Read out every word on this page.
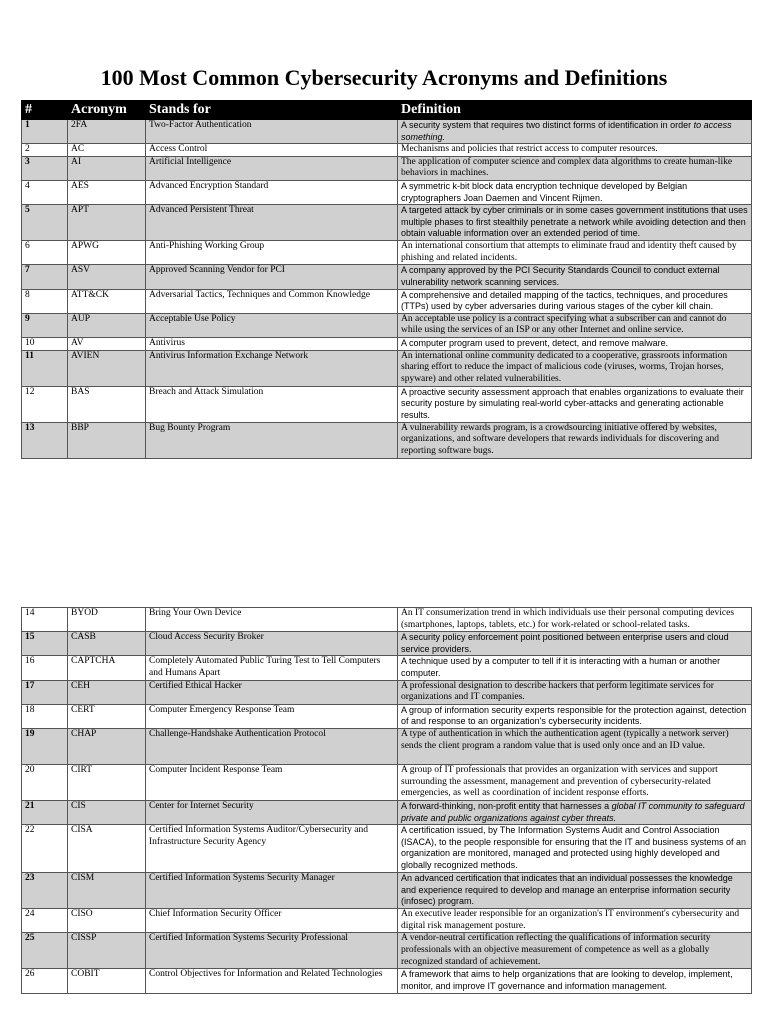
100 Most Common Cybersecurity Acronyms and Definitions
#	Acronym	Stands for	Definition
1	2FA	Two-Factor Authentication	A security system that requires two distinct forms of identification in order to access something.
2	AC	Access Control	Mechanisms and policies that restrict access to computer resources.
3	AI	Artificial Intelligence	The application of computer science and complex data algorithms to create human-like behaviors in machines.
4	AES	Advanced Encryption Standard	A symmetric k-bit block data encryption technique developed by Belgian cryptographers Joan Daemen and Vincent Rijmen.
5	APT	Advanced Persistent Threat	A targeted attack by cyber criminals or in some cases government institutions that uses multiple phases to first stealthily penetrate a network while avoiding detection and then obtain valuable information over an extended period of time.
6	APWG	Anti-Phishing Working Group	An international consortium that attempts to eliminate fraud and identity theft caused by phishing and related incidents.
7	ASV	Approved Scanning Vendor for PCI	A company approved by the PCI Security Standards Council to conduct external vulnerability network scanning services.
8	ATT&CK	Adversarial Tactics, Techniques and Common Knowledge	A comprehensive and detailed mapping of the tactics, techniques, and procedures (TTPs) used by cyber adversaries during various stages of the cyber kill chain.
9	AUP	Acceptable Use Policy	An acceptable use policy is a contract specifying what a subscriber can and cannot do while using the services of an ISP or any other Internet and online service.
10	AV	Antivirus	A computer program used to prevent, detect, and remove malware.
11	AVIEN	Antivirus Information Exchange Network	An international online community dedicated to a cooperative, grassroots information sharing effort to reduce the impact of malicious code (viruses, worms, Trojan horses, spyware) and other related vulnerabilities.
12	BAS	Breach and Attack Simulation	A proactive security assessment approach that enables organizations to evaluate their security posture by simulating real-world cyber-attacks and generating actionable results.
13	BBP	Bug Bounty Program	A vulnerability rewards program, is a crowdsourcing initiative offered by websites, organizations, and software developers that rewards individuals for discovering and reporting software bugs.
14	BYOD	Bring Your Own Device	An IT consumerization trend in which individuals use their personal computing devices (smartphones, laptops, tablets, etc.) for work-related or school-related tasks.
15	CASB	Cloud Access Security Broker	A security policy enforcement point positioned between enterprise users and cloud service providers.
16	CAPTCHA	Completely Automated Public Turing Test to Tell Computers and Humans Apart	A technique used by a computer to tell if it is interacting with a human or another computer.
17	CEH	Certified Ethical Hacker	A professional designation to describe hackers that perform legitimate services for organizations and IT companies.
18	CERT	Computer Emergency Response Team	A group of information security experts responsible for the protection against, detection of and response to an organization's cybersecurity incidents.
19	CHAP	Challenge-Handshake Authentication Protocol	A type of authentication in which the authentication agent (typically a network server) sends the client program a random value that is used only once and an ID value.
20	CIRT	Computer Incident Response Team	A group of IT professionals that provides an organization with services and support surrounding the assessment, management and prevention of cybersecurity-related emergencies, as well as coordination of incident response efforts.
21	CIS	Center for Internet Security	A forward-thinking, non-profit entity that harnesses a global IT community to safeguard private and public organizations against cyber threats.
22	CISA	Certified Information Systems Auditor/Cybersecurity and Infrastructure Security Agency	A certification issued, by The Information Systems Audit and Control Association (ISACA), to the people responsible for ensuring that the IT and business systems of an organization are monitored, managed and protected using highly developed and globally recognized methods.
23	CISM	Certified Information Systems Security Manager	An advanced certification that indicates that an individual possesses the knowledge and experience required to develop and manage an enterprise information security (infosec) program.
24	CISO	Chief Information Security Officer	An executive leader responsible for an organization's IT environment's cybersecurity and digital risk management posture.
25	CISSP	Certified Information Systems Security Professional	A vendor-neutral certification reflecting the qualifications of information security professionals with an objective measurement of competence as well as a globally recognized standard of achievement.
26	COBIT	Control Objectives for Information and Related Technologies	A framework that aims to help organizations that are looking to develop, implement, monitor, and improve IT governance and information management.
